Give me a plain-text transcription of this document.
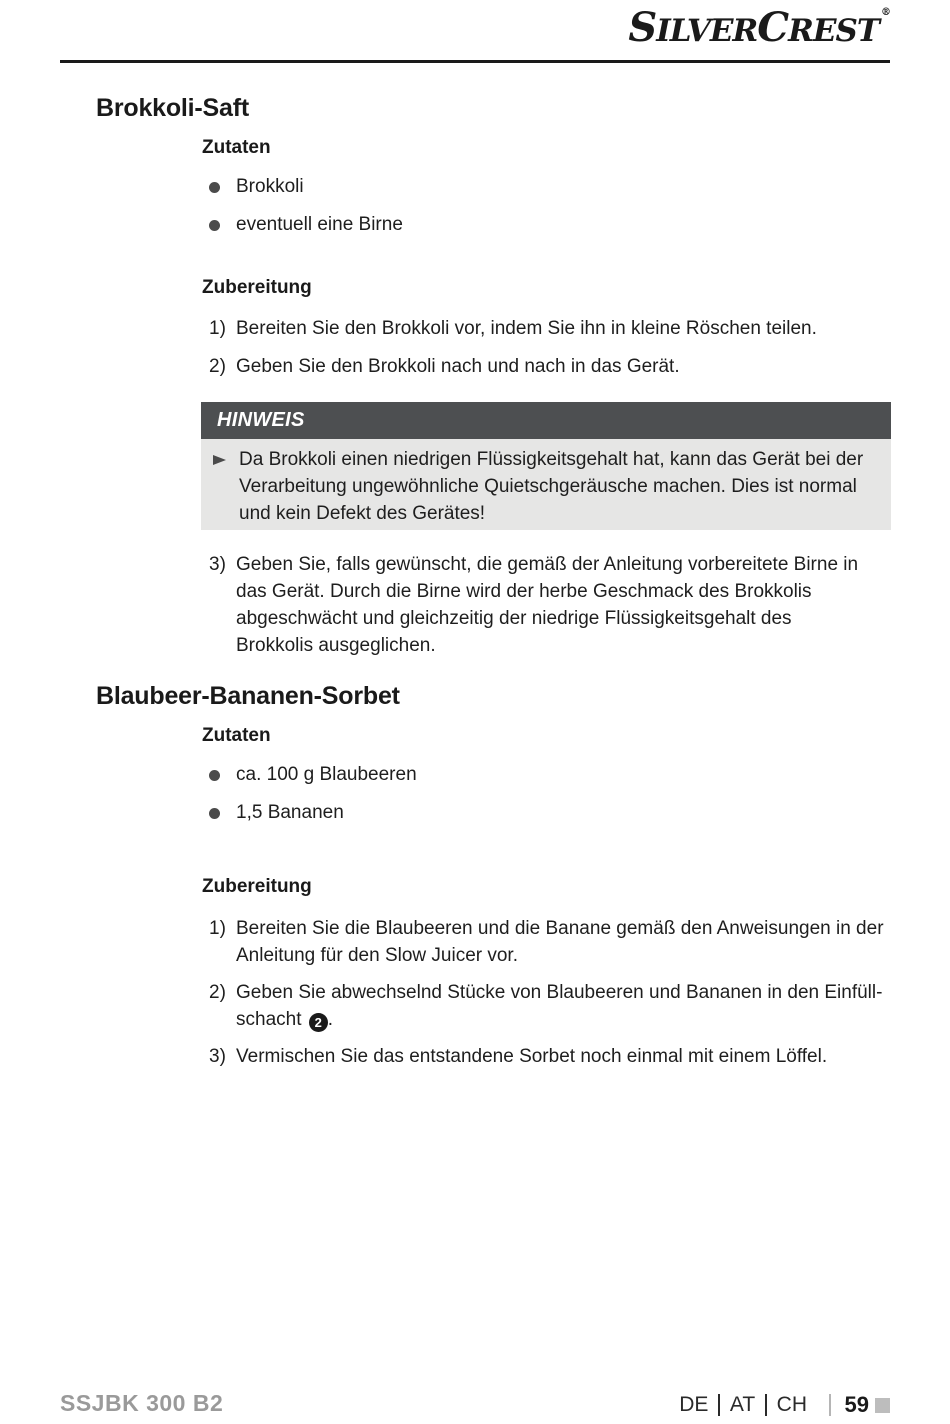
SILVERCREST®
Brokkoli-Saft
Zutaten
Brokkoli
eventuell eine Birne
Zubereitung
1) Bereiten Sie den Brokkoli vor, indem Sie ihn in kleine Röschen teilen.
2) Geben Sie den Brokkoli nach und nach in das Gerät.
HINWEIS
Da Brokkoli einen niedrigen Flüssigkeitsgehalt hat, kann das Gerät bei der Verarbeitung ungewöhnliche Quietschgeräusche machen. Dies ist normal und kein Defekt des Gerätes!
3) Geben Sie, falls gewünscht, die gemäß der Anleitung vorbereitete Birne in das Gerät. Durch die Birne wird der herbe Geschmack des Brokkolis abgeschwächt und gleichzeitig der niedrige Flüssigkeitsgehalt des Brokkolis ausgeglichen.
Blaubeer-Bananen-Sorbet
Zutaten
ca. 100 g Blaubeeren
1,5 Bananen
Zubereitung
1) Bereiten Sie die Blaubeeren und die Banane gemäß den Anweisungen in der Anleitung für den Slow Juicer vor.
2) Geben Sie abwechselnd Stücke von Blaubeeren und Bananen in den Einfüll-schacht 2 .
3) Vermischen Sie das entstandene Sorbet noch einmal mit einem Löffel.
SSJBK 300 B2	DE AT CH 59
